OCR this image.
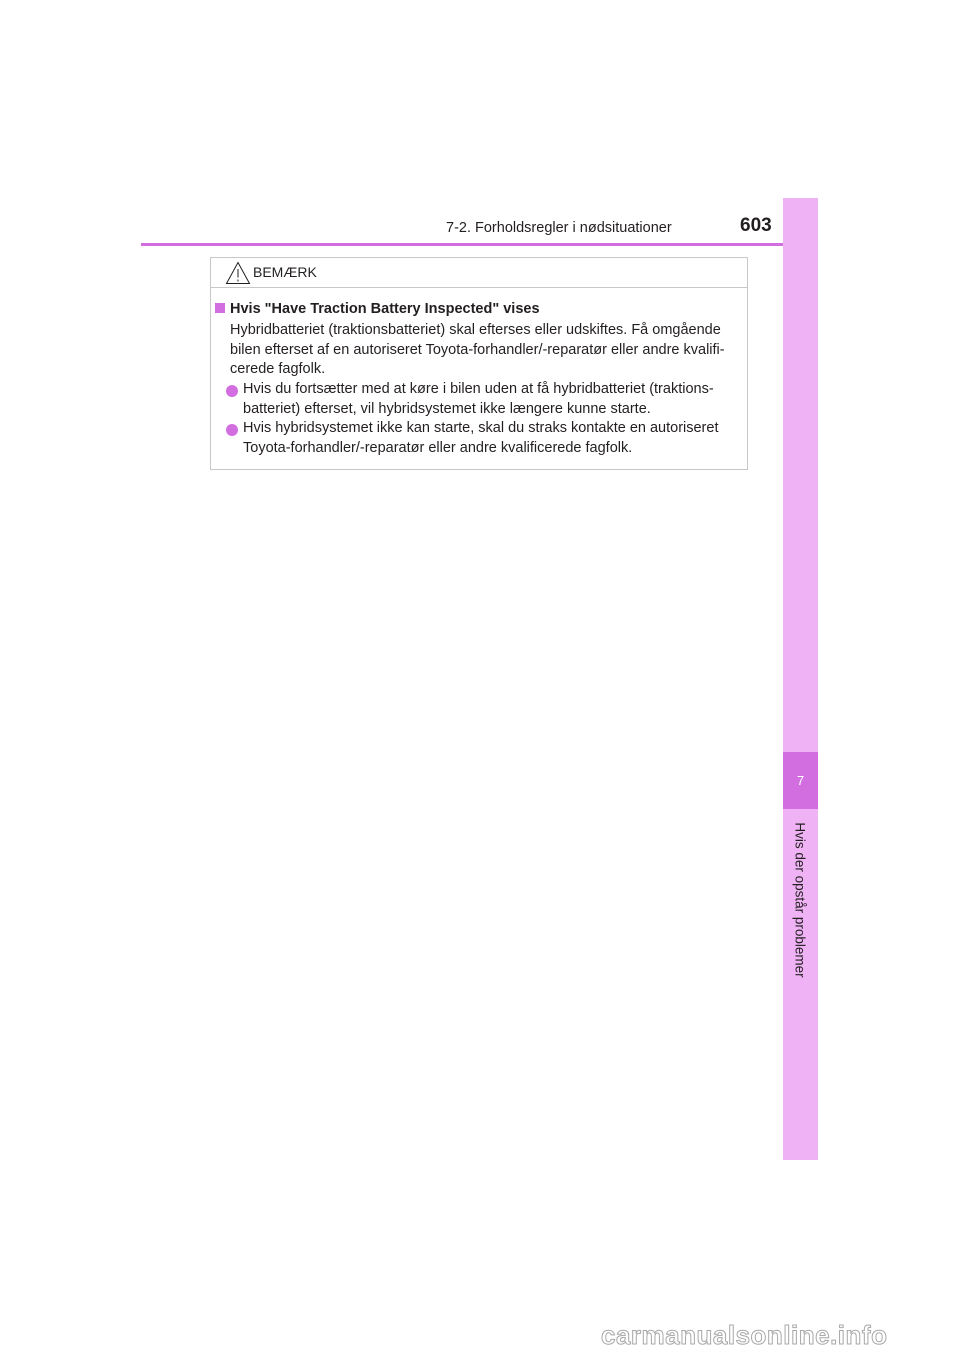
7-2. Forholdsregler i nødsituationer	603
7
Hvis der opstår problemer
BEMÆRK
Hvis "Have Traction Battery Inspected" vises
Hybridbatteriet (traktionsbatteriet) skal efterses eller udskiftes. Få omgående
bilen efterset af en autoriseret Toyota-forhandler/-reparatør eller andre kvalifi-
cerede fagfolk.
Hvis du fortsætter med at køre i bilen uden at få hybridbatteriet (traktions-
batteriet) efterset, vil hybridsystemet ikke længere kunne starte.
Hvis hybridsystemet ikke kan starte, skal du straks kontakte en autoriseret
Toyota-forhandler/-reparatør eller andre kvalificerede fagfolk.
carmanualsonline.info
